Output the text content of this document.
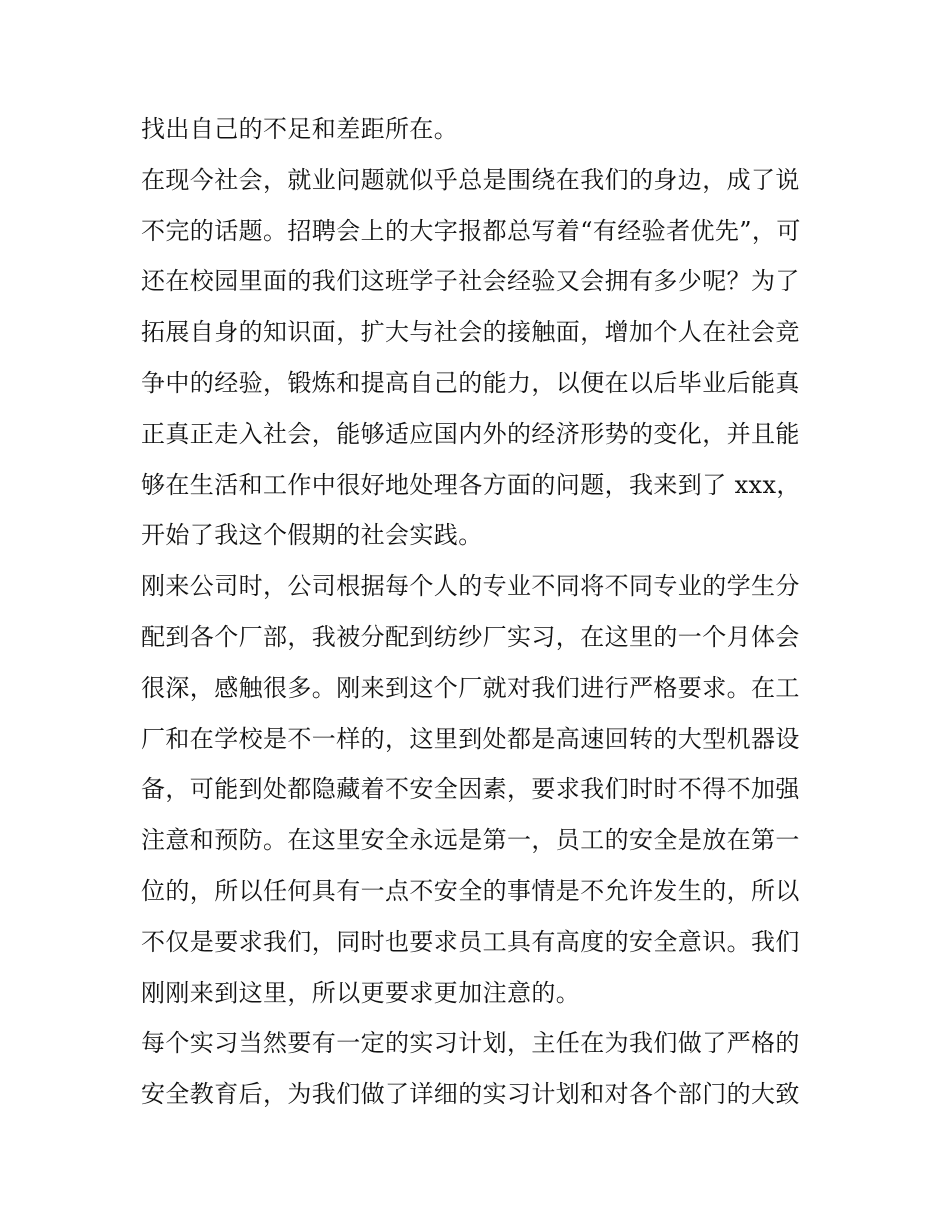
找出自己的不足和差距所在。
在现今社会，就业问题就似乎总是围绕在我们的身边，成了说
不完的话题。招聘会上的大字报都总写着“有经验者优先”，可
还在校园里面的我们这班学子社会经验又会拥有多少呢？为了
拓展自身的知识面，扩大与社会的接触面，增加个人在社会竞
争中的经验，锻炼和提高自己的能力，以便在以后毕业后能真
正真正走入社会，能够适应国内外的经济形势的变化，并且能
够在生活和工作中很好地处理各方面的问题，我来到了 xxx，
开始了我这个假期的社会实践。
刚来公司时，公司根据每个人的专业不同将不同专业的学生分
配到各个厂部，我被分配到纺纱厂实习，在这里的一个月体会
很深，感触很多。刚来到这个厂就对我们进行严格要求。在工
厂和在学校是不一样的，这里到处都是高速回转的大型机器设
备，可能到处都隐藏着不安全因素，要求我们时时不得不加强
注意和预防。在这里安全永远是第一，员工的安全是放在第一
位的，所以任何具有一点不安全的事情是不允许发生的，所以
不仅是要求我们，同时也要求员工具有高度的安全意识。我们
刚刚来到这里，所以更要求更加注意的。
每个实习当然要有一定的实习计划，主任在为我们做了严格的
安全教育后，为我们做了详细的实习计划和对各个部门的大致
